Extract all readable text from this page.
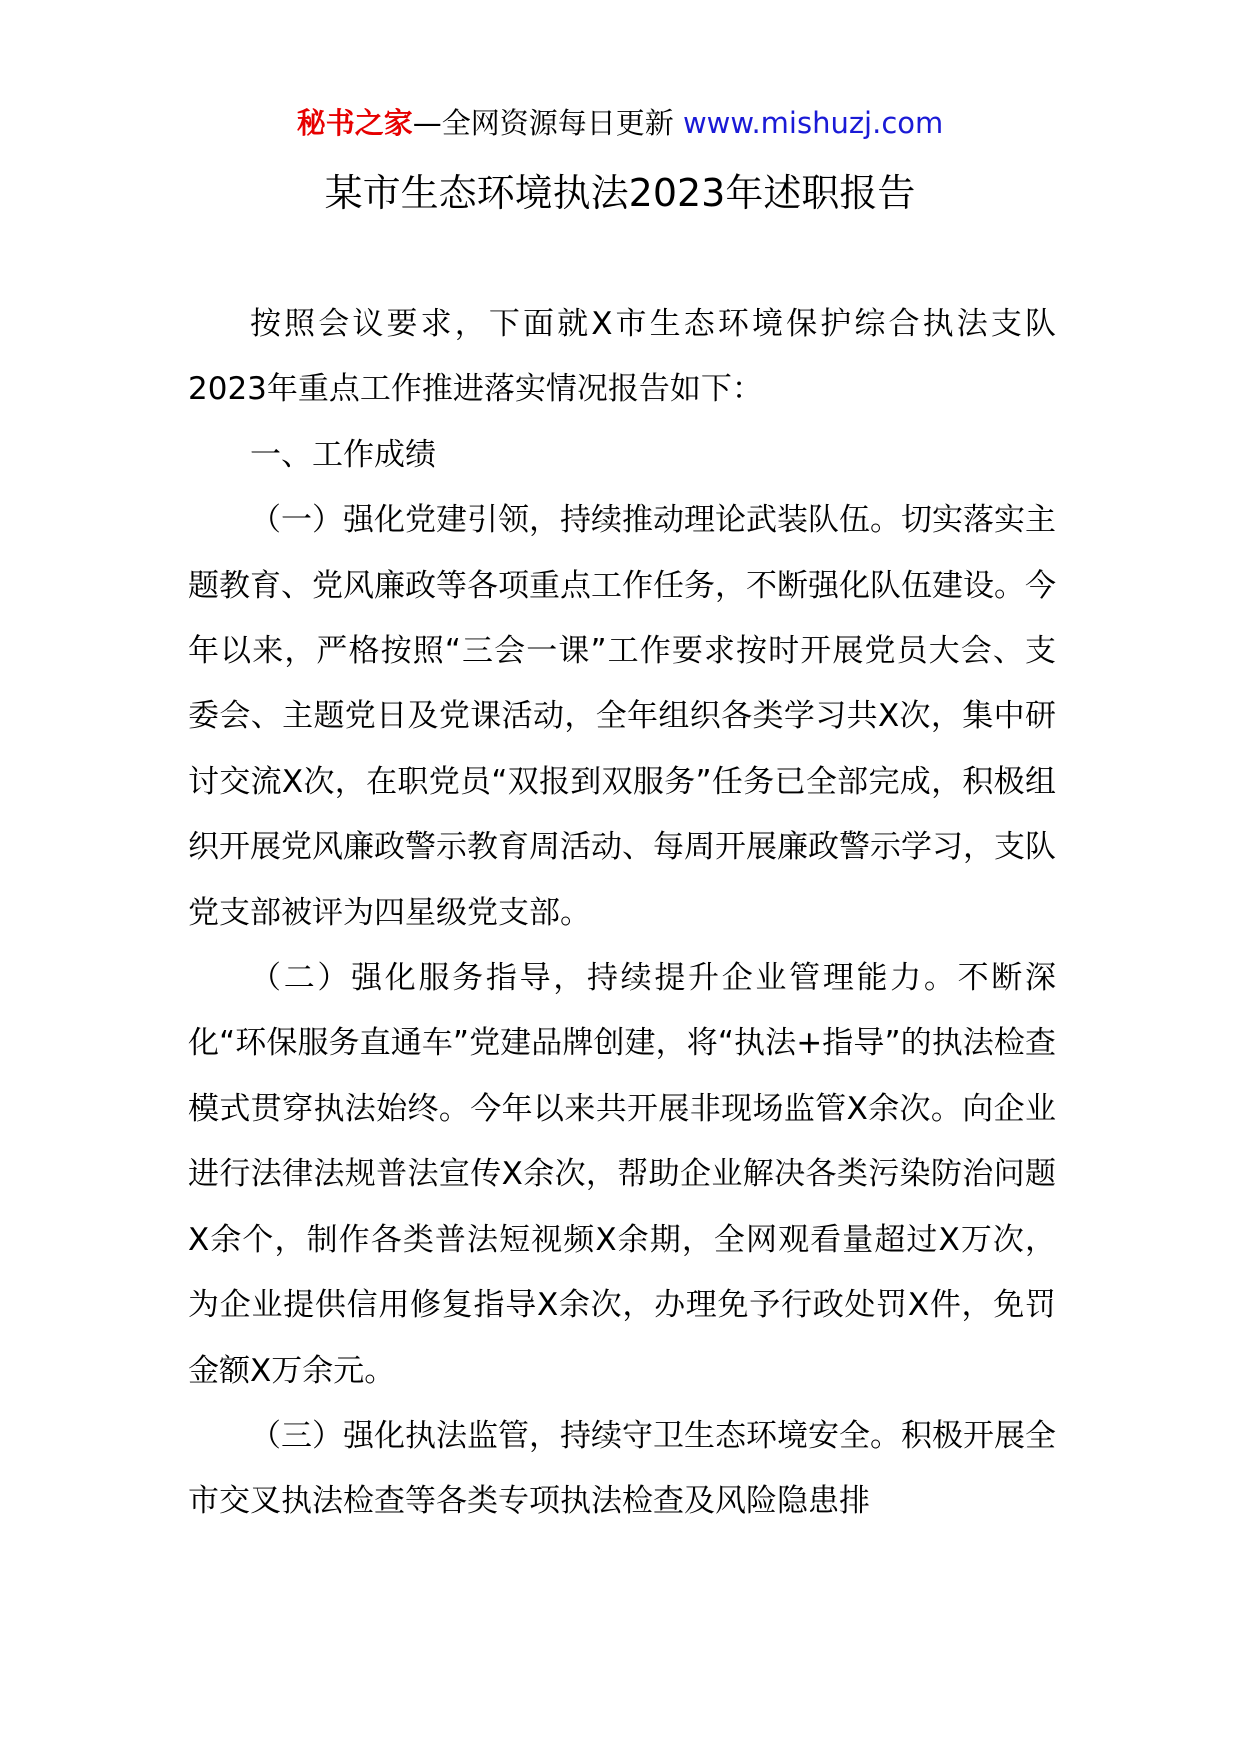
秘书之家—全网资源每日更新 www.mishuzj.com
某市生态环境执法2023年述职报告

按照会议要求，下面就X市生态环境保护综合执法支队2023年重点工作推进落实情况报告如下：

一、工作成绩

（一）强化党建引领，持续推动理论武装队伍。切实落实主题教育、党风廉政等各项重点工作任务，不断强化队伍建设。今年以来，严格按照“三会一课”工作要求按时开展党员大会、支委会、主题党日及党课活动，全年组织各类学习共X次，集中研讨交流X次，在职党员“双报到双服务”任务已全部完成，积极组织开展党风廉政警示教育周活动、每周开展廉政警示学习，支队党支部被评为四星级党支部。

（二）强化服务指导，持续提升企业管理能力。不断深化“环保服务直通车”党建品牌创建，将“执法+指导”的执法检查模式贯穿执法始终。今年以来共开展非现场监管X余次。向企业进行法律法规普法宣传X余次，帮助企业解决各类污染防治问题X余个，制作各类普法短视频X余期，全网观看量超过X万次，为企业提供信用修复指导X余次，办理免予行政处罚X件，免罚金额X万余元。

（三）强化执法监管，持续守卫生态环境安全。积极开展全市交叉执法检查等各类专项执法检查及风险隐患排
